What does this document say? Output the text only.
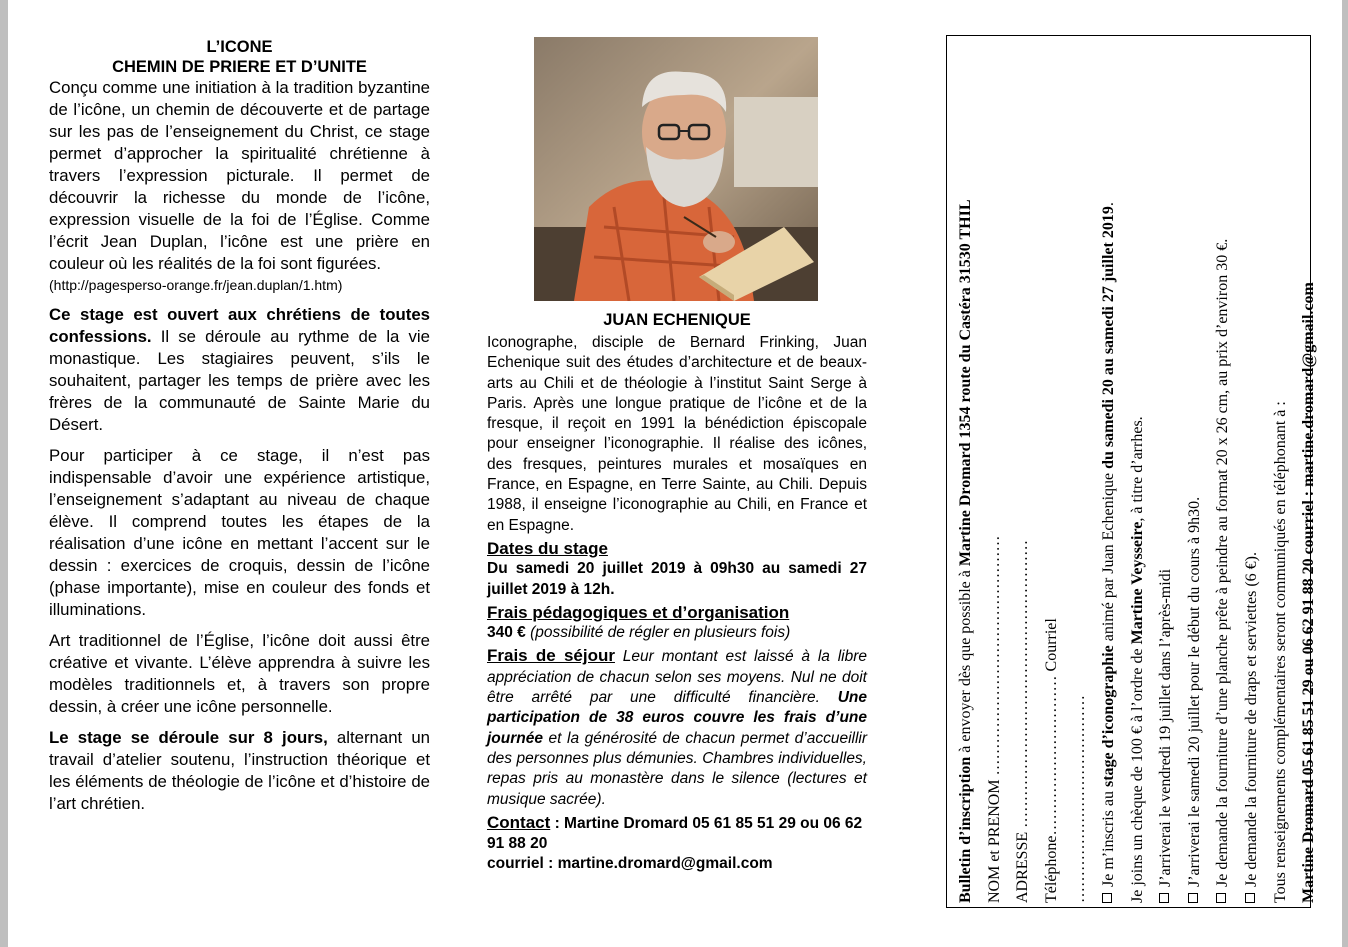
L’ICONE
CHEMIN DE PRIERE ET D’UNITE

Conçu comme une initiation à la tradition byzantine de l’icône, un chemin de découverte et de partage sur les pas de l’enseignement du Christ, ce stage permet d’approcher la spiritualité chrétienne à travers l’expression picturale. Il permet de découvrir la richesse du monde de l’icône, expression visuelle de la foi de l’Église. Comme l’écrit Jean Duplan, l’icône est une prière en couleur où les réalités de la foi sont figurées.

(http://pagesperso-orange.fr/jean.duplan/1.htm)

Ce stage est ouvert aux chrétiens de toutes confessions. Il se déroule au rythme de la vie monastique. Les stagiaires peuvent, s’ils le souhaitent, partager les temps de prière avec les frères de la communauté de Sainte Marie du Désert.

Pour participer à ce stage, il n’est pas indispensable d’avoir une expérience artistique, l’enseignement s’adaptant au niveau de chaque élève. Il comprend toutes les étapes de la réalisation d’une icône en mettant l’accent sur le dessin : exercices de croquis, dessin de l’icône (phase importante), mise en couleur des fonds et illuminations.

Art traditionnel de l’Église, l’icône doit aussi être créative et vivante. L’élève apprendra à suivre les modèles traditionnels et, à travers son propre dessin, à créer une icône personnelle.

Le stage se déroule sur 8 jours, alternant un travail d’atelier soutenu, l’instruction théorique et les éléments de théologie de l’icône et d’histoire de l’art chrétien.

JUAN ECHENIQUE

Iconographe, disciple de Bernard Frinking, Juan Echenique suit des études d’architecture et de beaux-arts au Chili et de théologie à l’institut Saint Serge à Paris. Après une longue pratique de l’icône et de la fresque, il reçoit en 1991 la bénédiction épiscopale pour enseigner l’iconographie. Il réalise des icônes, des fresques, peintures murales et mosaïques en France, en Espagne, en Terre Sainte, au Chili. Depuis 1988, il enseigne l’iconographie au Chili, en France et en Espagne.

Dates du stage

Du samedi 20 juillet 2019 à 09h30 au samedi 27 juillet 2019 à 12h.

Frais pédagogiques et d’organisation

340 € (possibilité de régler en plusieurs fois)

Frais de séjour Leur montant est laissé à la libre appréciation de chacun selon ses moyens. Nul ne doit être arrêté par une difficulté financière. Une participation de 38 euros couvre les frais d’une journée et la générosité de chacun permet d’accueillir des personnes plus démunies. Chambres individuelles, repas pris au monastère dans le silence (lectures et musique sacrée).

Contact : Martine Dromard 05 61 85 51 29 ou 06 62 91 88 20

courriel : martine.dromard@gmail.com	Bulletin d’inscription à envoyer dès que possible à Martine Dromard 1354 route du Castéra 31530 THIL
NOM et PRENOM ……………………………………… ADRESSE ……………………………………………… Téléphone………………………… Courriel ………………………………… Je m’inscris au stage d’iconographie animé par Juan Echenique du samedi 20 au samedi 27 juillet 2019.
Je joins un chèque de 100 € à l’ordre de Martine Veysseire, à titre d’arrhes.
J’arriverai le vendredi 19 juillet dans l’après-midi J’arriverai le samedi 20 juillet pour le début du cours à 9h30. Je demande la fourniture d’une planche prête à peindre au format 20 x 26 cm, au prix d’environ 30 €. Je demande la fourniture de draps et serviettes (6 €). Tous renseignements complémentaires seront communiqués en téléphonant à : Martine Dromard 05 61 85 51 29 ou 06 62 91 88 20 courriel : martine.dromard@gmail.com
